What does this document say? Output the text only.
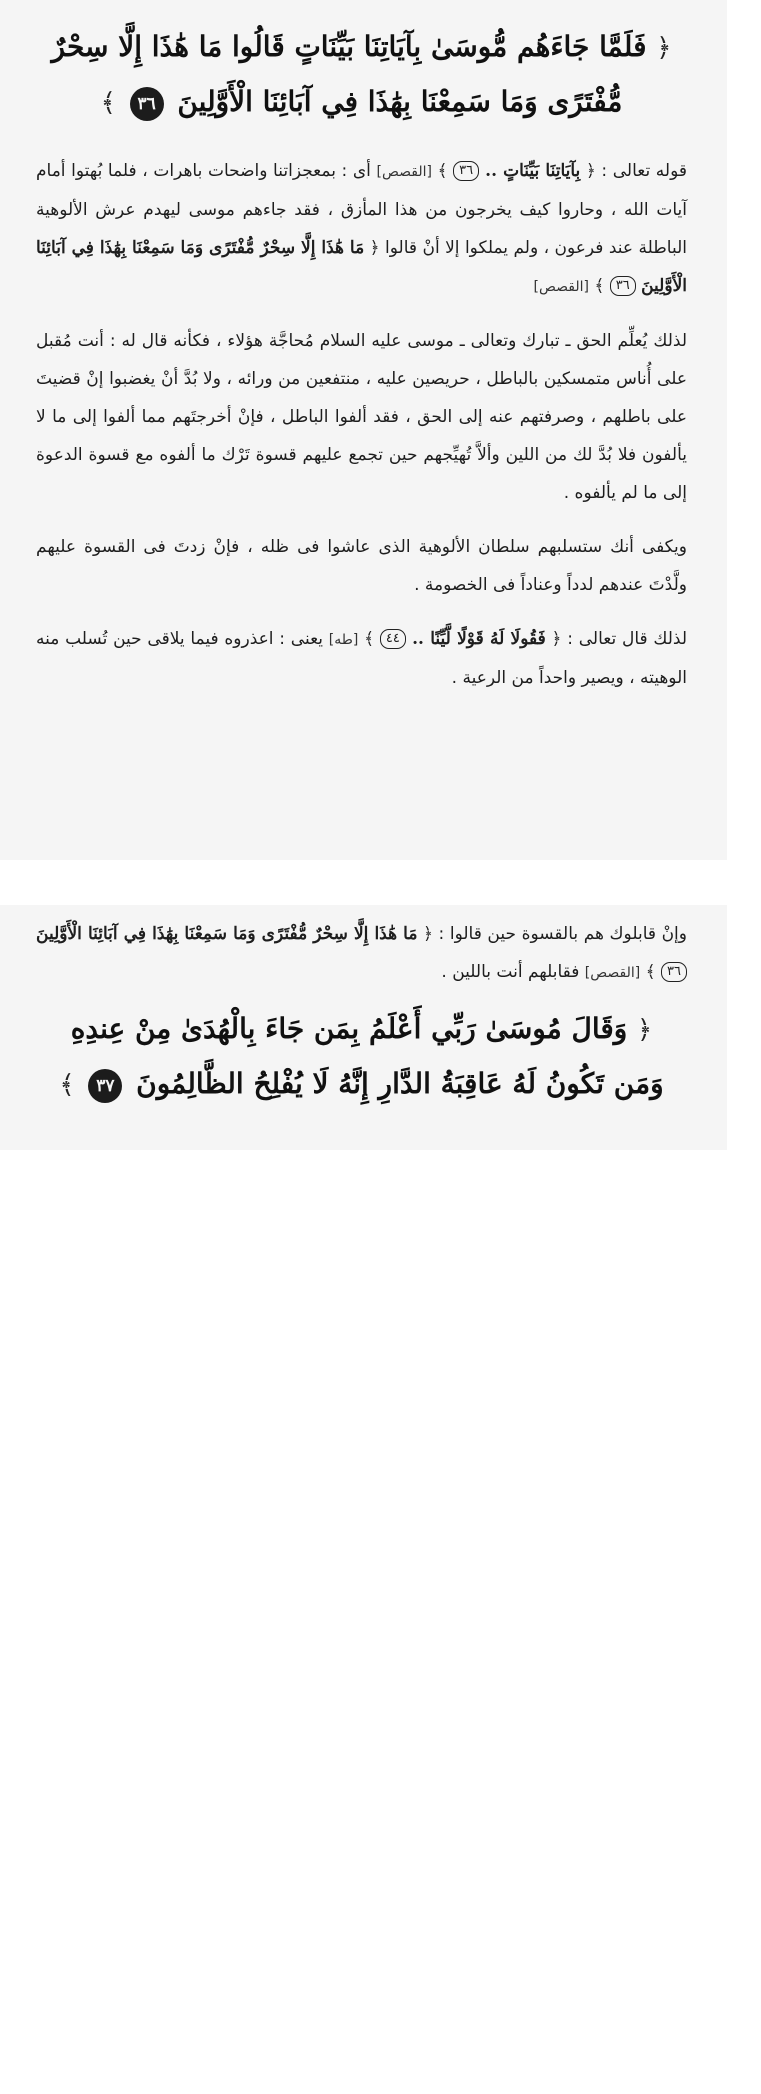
﴿ فَلَمَّا جَاءَهُم مُّوسَىٰ بِآيَاتِنَا بَيِّنَاتٍ قَالُوا مَا هَٰذَا إِلَّا سِحْرٌ
مُّفْتَرًى وَمَا سَمِعْنَا بِهَٰذَا فِي آبَائِنَا الْأَوَّلِينَ ٣٦ ﴾

قوله تعالى : ﴿ بِآيَاتِنَا بَيِّنَاتٍ .. ٣٦ ﴾ [القصص] أى : بمعجزاتنا واضحات باهرات ، فلما بُهتوا أمام آيات الله ، وحاروا كيف يخرجون من هذا المأزق ، فقد جاءهم موسى ليهدم عرش الألوهية الباطلة عند فرعون ، ولم يملكوا إلا أنْ قالوا ﴿ مَا هَٰذَا إِلَّا سِحْرٌ مُّفْتَرًى وَمَا سَمِعْنَا بِهَٰذَا فِي آبَائِنَا الْأَوَّلِينَ ٣٦ ﴾ [القصص]

لذلك يُعلِّم الحق ـ تبارك وتعالى ـ موسى عليه السلام مُحاجَّة هؤلاء ، فكأنه قال له : أنت مُقبل على أُناس متمسكين بالباطل ، حريصين عليه ، منتفعين من ورائه ، ولا بُدَّ أنْ يغضبوا إنْ قضيتَ على باطلهم ، وصرفتهم عنه إلى الحق ، فقد ألفوا الباطل ، فإنْ أخرجتَهم مما ألفوا إلى ما لا يألفون فلا بُدَّ لك من اللين وألاَّ تُهيِّجهم حين تجمع عليهم قسوة تَرْك ما ألفوه مع قسوة الدعوة إلى ما لم يألفوه .

ويكفى أنك ستسلبهم سلطان الألوهية الذى عاشوا فى ظله ، فإنْ زدتَ فى القسوة عليهم ولَّدْتَ عندهم لدداً وعناداً فى الخصومة .

لذلك قال تعالى : ﴿ فَقُولَا لَهُ قَوْلًا لَّيِّنًا .. ٤٤ ﴾ [طه] يعنى : اعذروه فيما يلاقى حين تُسلب منه الوهيته ، ويصير واحداً من الرعية .

وإنْ قابلوك هم بالقسوة حين قالوا : ﴿ مَا هَٰذَا إِلَّا سِحْرٌ مُّفْتَرًى وَمَا سَمِعْنَا بِهَٰذَا فِي آبَائِنَا الْأَوَّلِينَ ٣٦ ﴾ [القصص] فقابلهم أنت باللين .

﴿ وَقَالَ مُوسَىٰ رَبِّي أَعْلَمُ بِمَن جَاءَ بِالْهُدَىٰ مِنْ عِندِهِ
وَمَن تَكُونُ لَهُ عَاقِبَةُ الدَّارِ إِنَّهُ لَا يُفْلِحُ الظَّالِمُونَ ٣٧ ﴾
